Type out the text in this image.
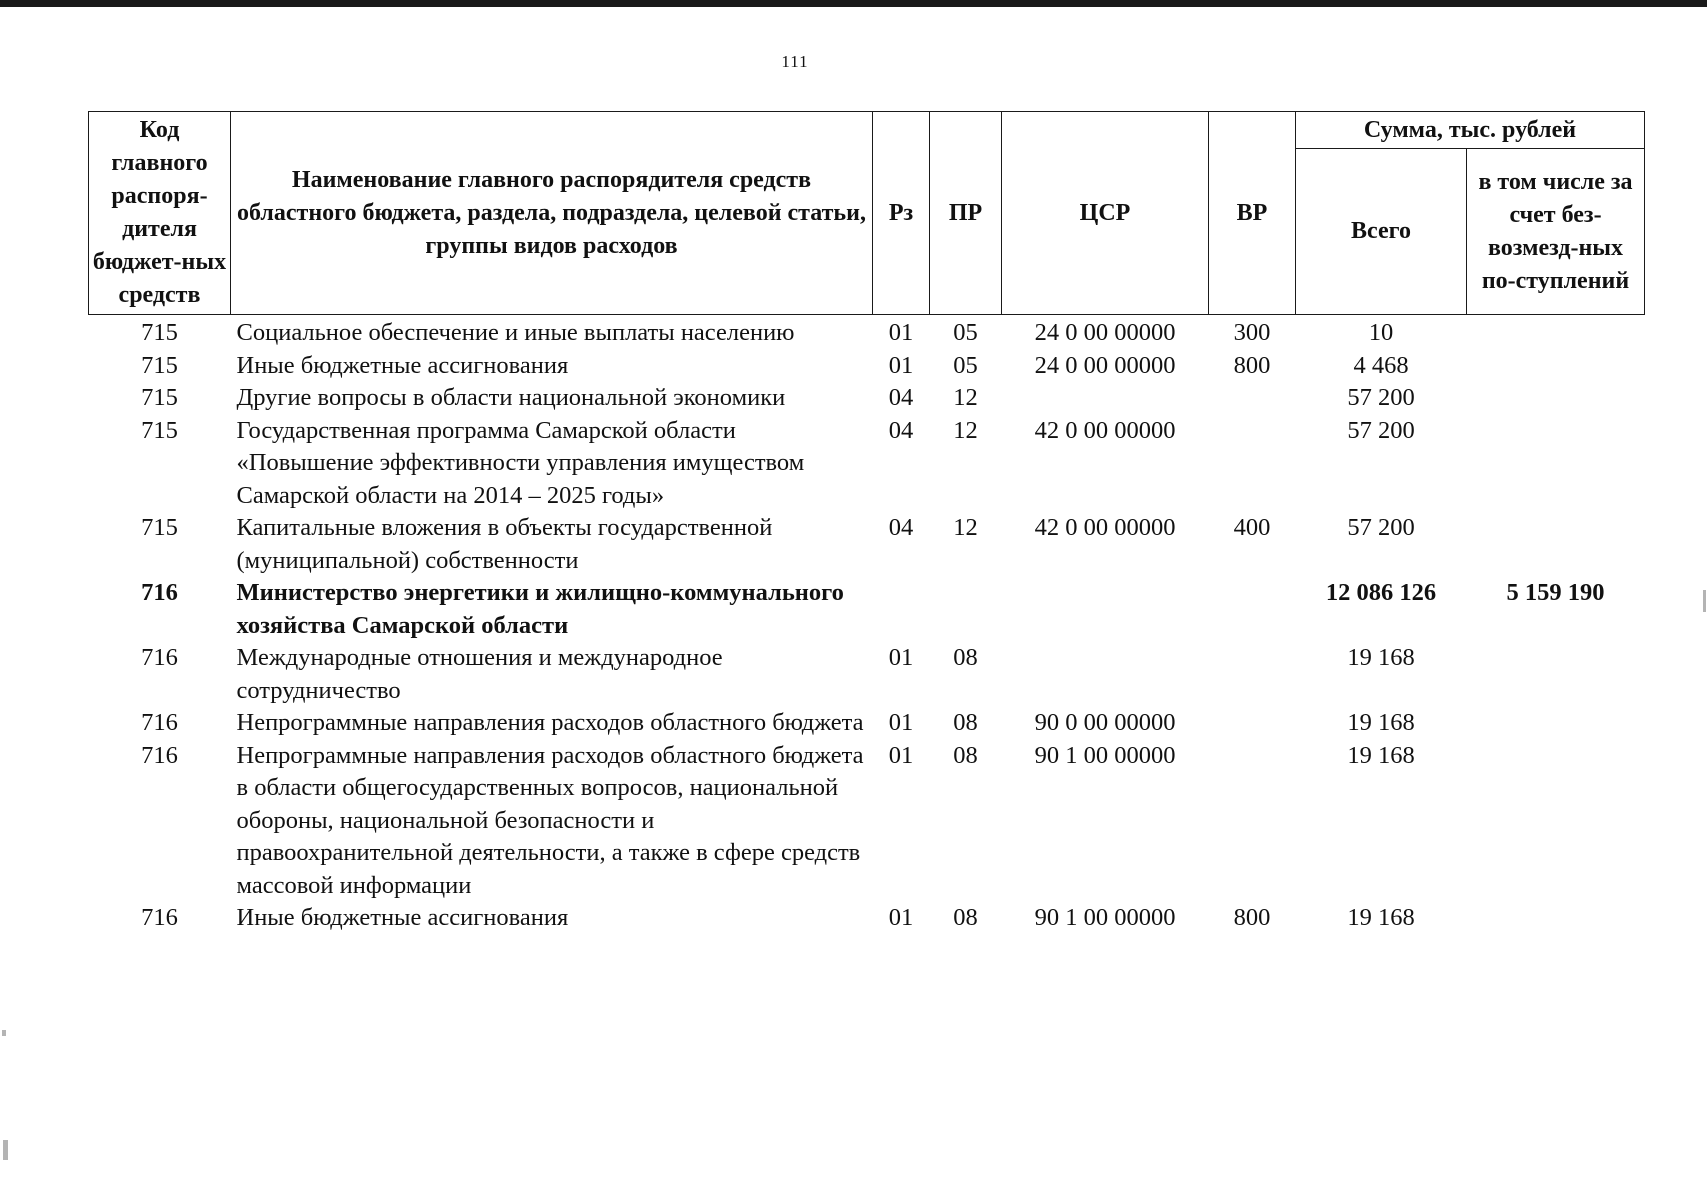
111
Код главного распоря-дителя бюджет-ных средств	Наименование главного распорядителя средств областного бюджета, раздела, подраздела, целевой статьи, группы видов расходов	Рз	ПР	ЦСР	ВР	Сумма, тыс. рублей	
						Всего	в том числе за счет без-возмезд-ных по-ступлений
715	Социальное обеспечение и иные выплаты населению	01	05	24 0 00 00000	300	10	
715	Иные бюджетные ассигнования	01	05	24 0 00 00000	800	4 468	
715	Другие вопросы в области национальной экономики	04	12			57 200	
715	Государственная программа Самарской области «Повышение эффективности управления имуществом Самарской области на 2014 – 2025 годы»	04	12	42 0 00 00000		57 200	
715	Капитальные вложения в объекты государственной (муниципальной) собственности	04	12	42 0 00 00000	400	57 200	
716	Министерство энергетики и жилищно-коммунального хозяйства Самарской области					12 086 126	5 159 190
716	Международные отношения и международное сотрудничество	01	08			19 168	
716	Непрограммные направления расходов областного бюджета	01	08	90 0 00 00000		19 168	
716	Непрограммные направления расходов областного бюджета в области общегосударственных вопросов, национальной обороны, национальной безопасности и правоохранительной деятельности, а также в сфере средств массовой информации	01	08	90 1 00 00000		19 168	
716	Иные бюджетные ассигнования	01	08	90 1 00 00000	800	19 168	
